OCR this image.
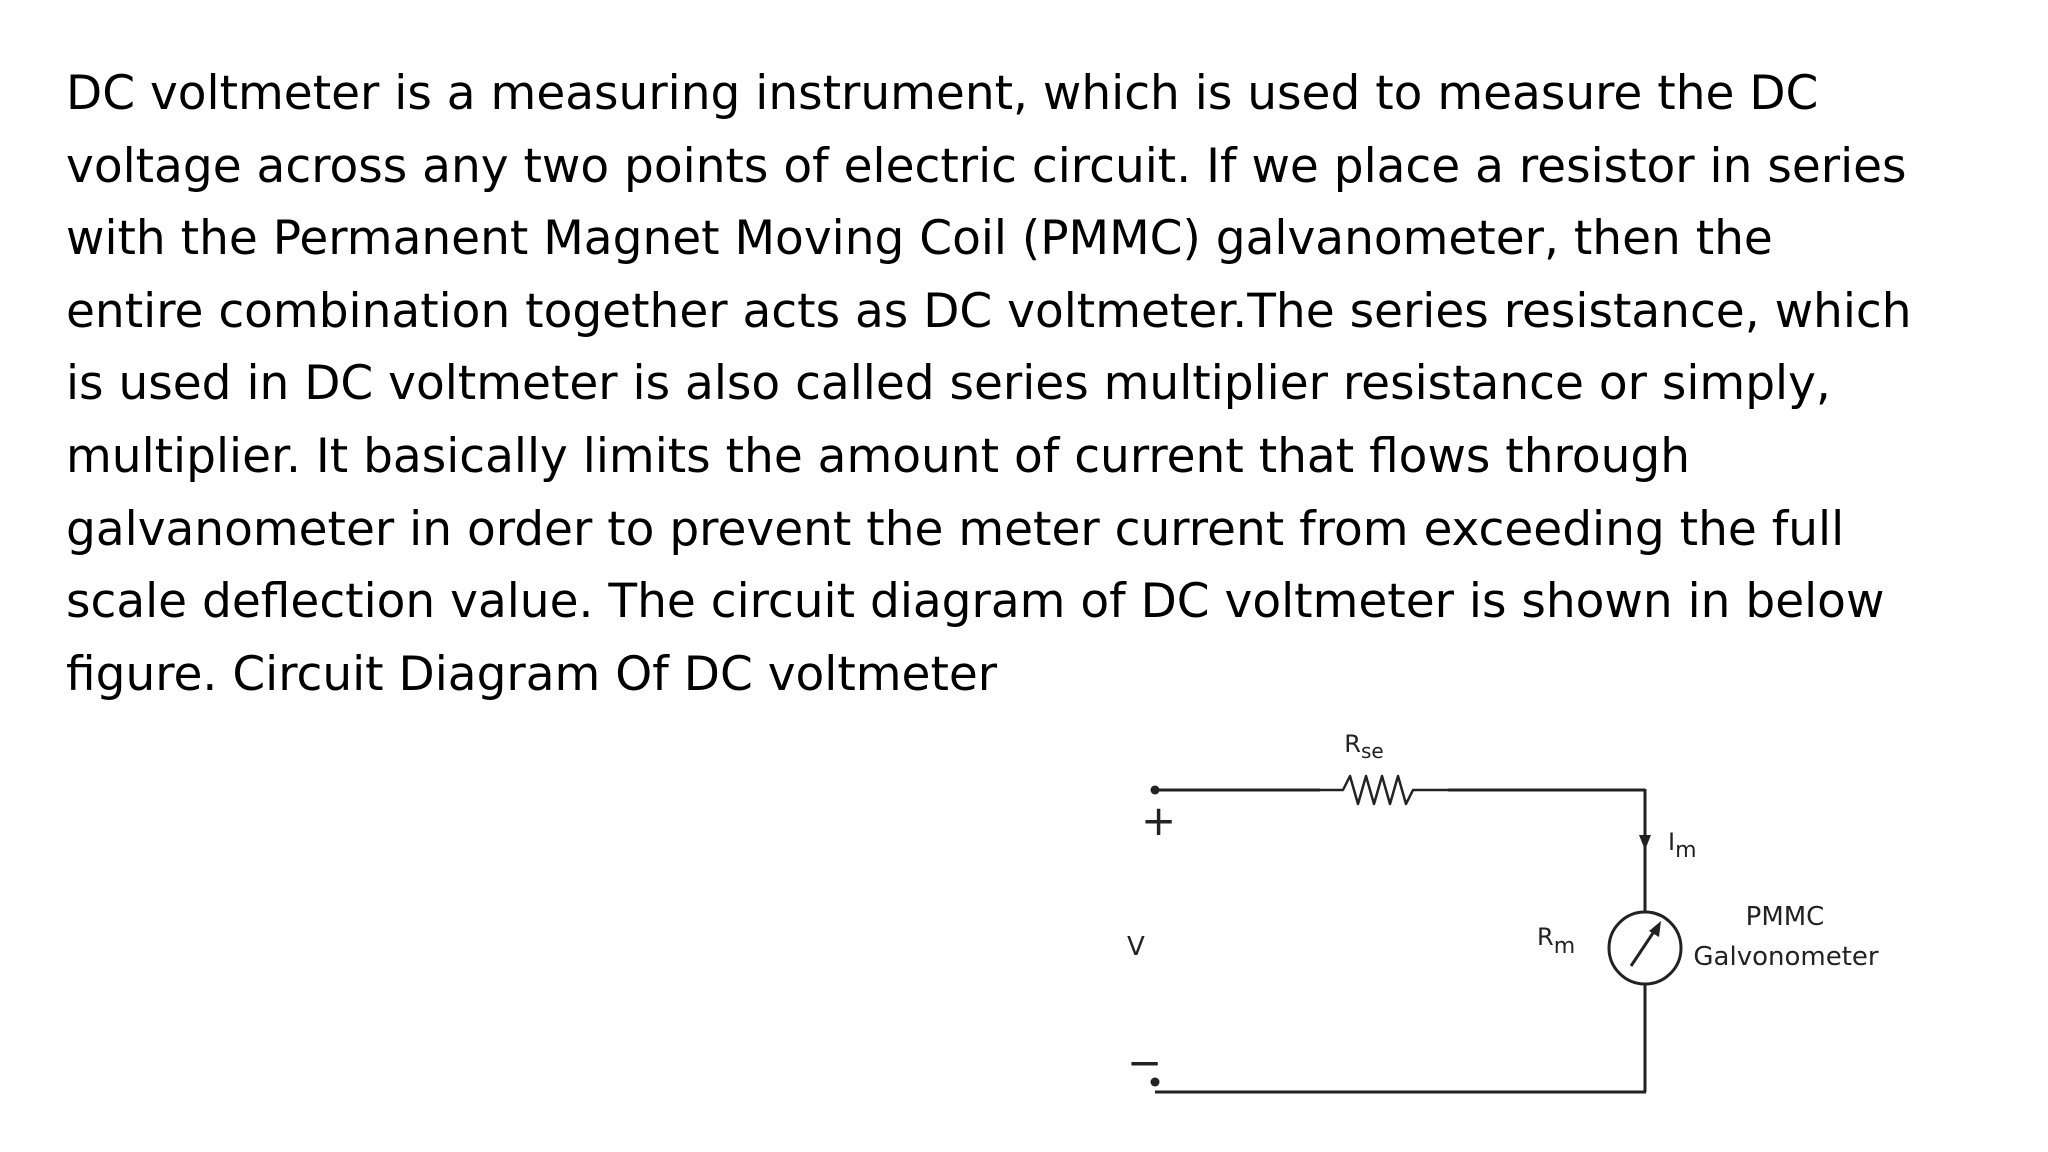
DC voltmeter is a measuring instrument, which is used to measure the DC
voltage across any two points of electric circuit. If we place a resistor in series
with the Permanent Magnet Moving Coil (PMMC) galvanometer, then the
entire combination together acts as DC voltmeter.The series resistance, which
is used in DC voltmeter is also called series multiplier resistance or simply,
multiplier. It basically limits the amount of current that flows through
galvanometer in order to prevent the meter current from exceeding the full
scale deflection value. The circuit diagram of DC voltmeter is shown in below
figure. Circuit Diagram Of DC voltmeter
$R_{se}$
+
V
−
Im
Rm
PMMC
Galvonometer
